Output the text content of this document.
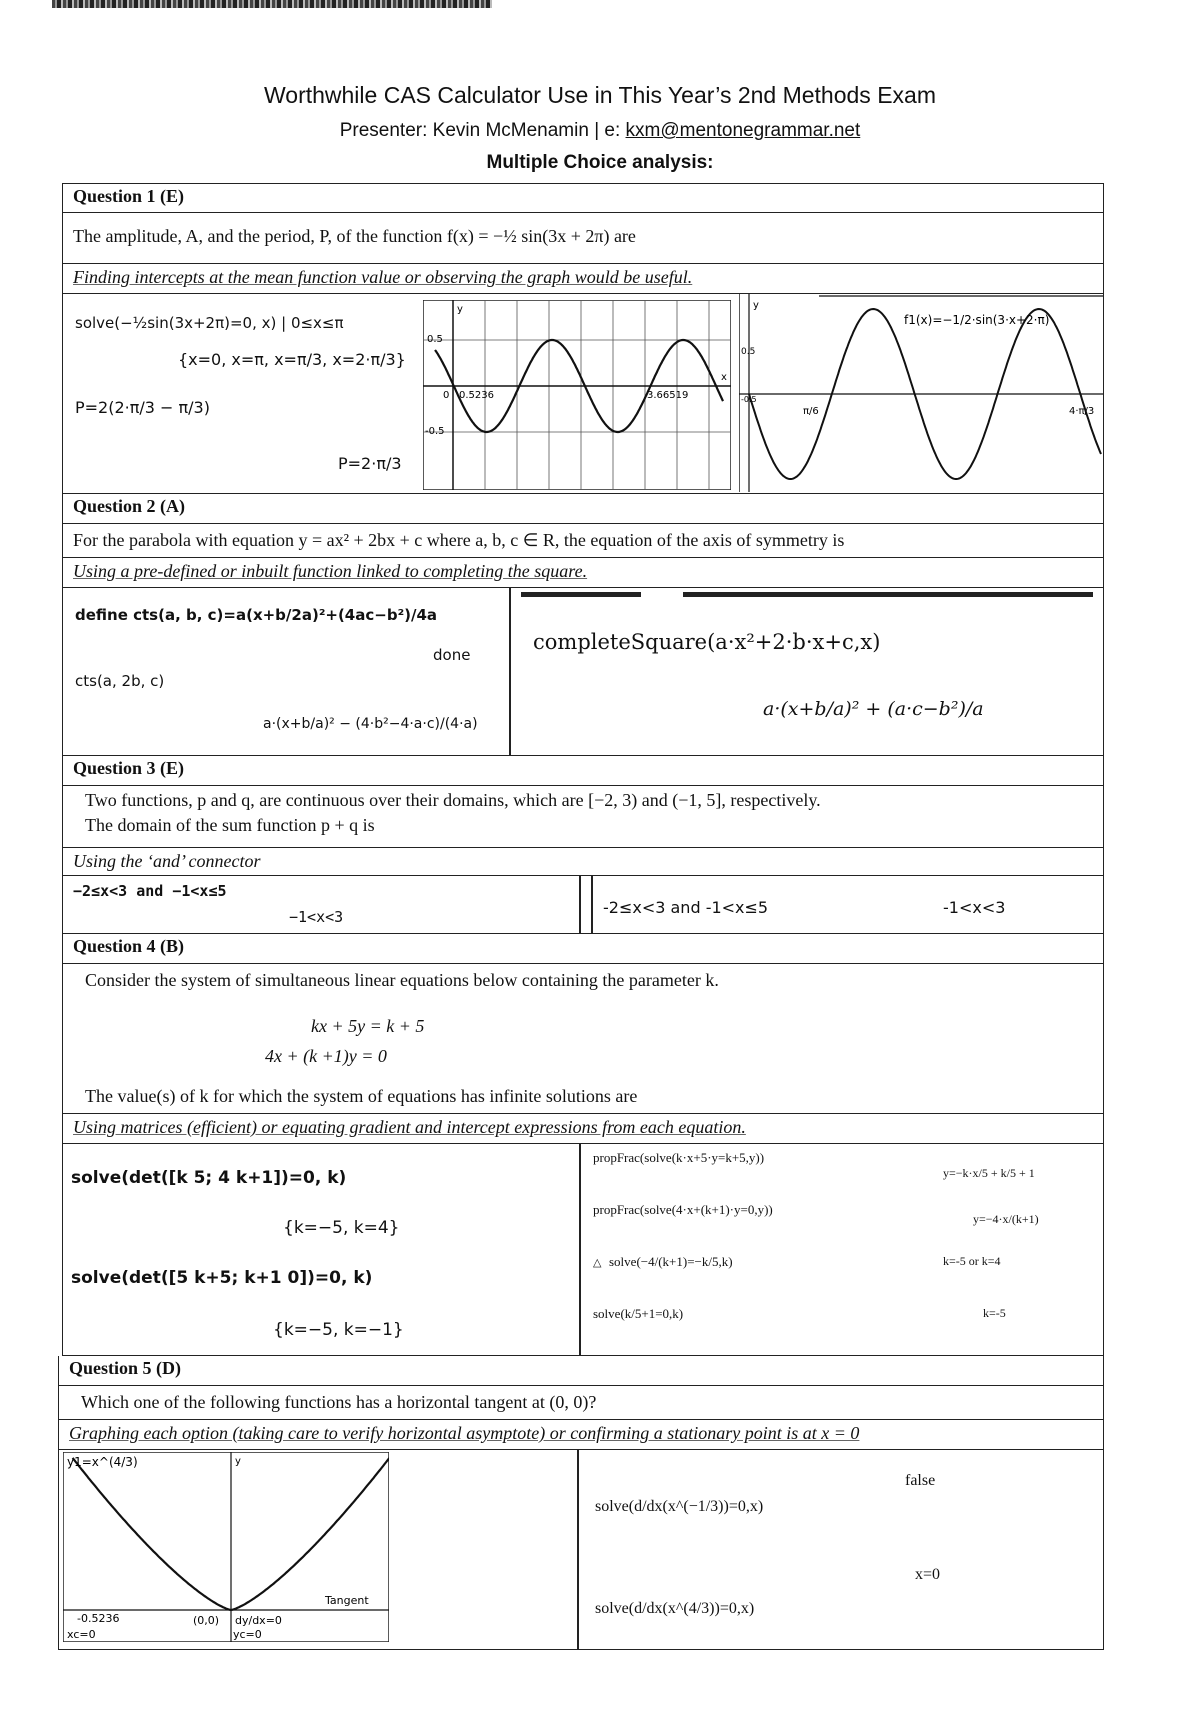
Worthwhile CAS Calculator Use in This Year’s 2nd Methods Exam
Presenter: Kevin McMenamin | e: kxm@mentonegrammar.net
Multiple Choice analysis:
Question 1 (E)
The amplitude, A, and the period, P, of the function f(x) = −½ sin(3x + 2π) are
Finding intercepts at the mean function value or observing the graph would be useful.
solve(−½sin(3x+2π)=0, x) | 0≤x≤π
{x=0, x=π, x=π/3, x=2·π/3}
P=2(2·π/3 − π/3)
P=2·π/3
y
x
0.5
-0.5
0 0.5236	3.66519
y
0.5
-0.5
π/6	4·π/3
f1(x)=−1/2·sin(3·x+2·π)
Question 2 (A)
For the parabola with equation y = ax² + 2bx + c where a, b, c ∈ R, the equation of the axis of symmetry is
Using a pre-defined or inbuilt function linked to completing the square.
define cts(a, b, c)=a(x+b/2a)²+(4ac−b²)/4a
done
cts(a, 2b, c)
a·(x+b/a)² − (4·b²−4·a·c)/(4·a)
completeSquare(a·x²+2·b·x+c,x)
a·(x+b/a)² + (a·c−b²)/a
Question 3 (E)
Two functions, p and q, are continuous over their domains, which are [−2, 3) and (−1, 5], respectively.
The domain of the sum function p + q is
Using the ‘and’ connector
−2≤x<3 and −1<x≤5
−1<x<3	-2≤x<3 and -1<x≤5	-1<x<3
Question 4 (B)
Consider the system of simultaneous linear equations below containing the parameter k.
kx + 5y = k + 5
4x + (k +1)y = 0
The value(s) of k for which the system of equations has infinite solutions are
Using matrices (efficient) or equating gradient and intercept expressions from each equation.
solve(det([k 5; 4 k+1])=0, k)
{k=−5, k=4}
solve(det([5 k+5; k+1 0])=0, k)
{k=−5, k=−1}
propFrac(solve(k·x+5·y=k+5,y))
y=−k·x/5 + k/5 + 1
propFrac(solve(4·x+(k+1)·y=0,y))
y=−4·x/(k+1)
△ solve(−4/(k+1)=−k/5,k)	k=-5 or k=4
solve(k/5+1=0,k)	k=-5
Question 5 (D)
Which one of the following functions has a horizontal tangent at (0, 0)?
Graphing each option (taking care to verify horizontal asymptote) or confirming a stationary point is at x = 0
y1=x^(4/3)	y
-0.5236
xc=0	yc=0
(0,0) dy/dx=0
Tangent
solve(d/dx(x^(−1/3))=0,x)
false
solve(d/dx(x^(4/3))=0,x)
x=0
